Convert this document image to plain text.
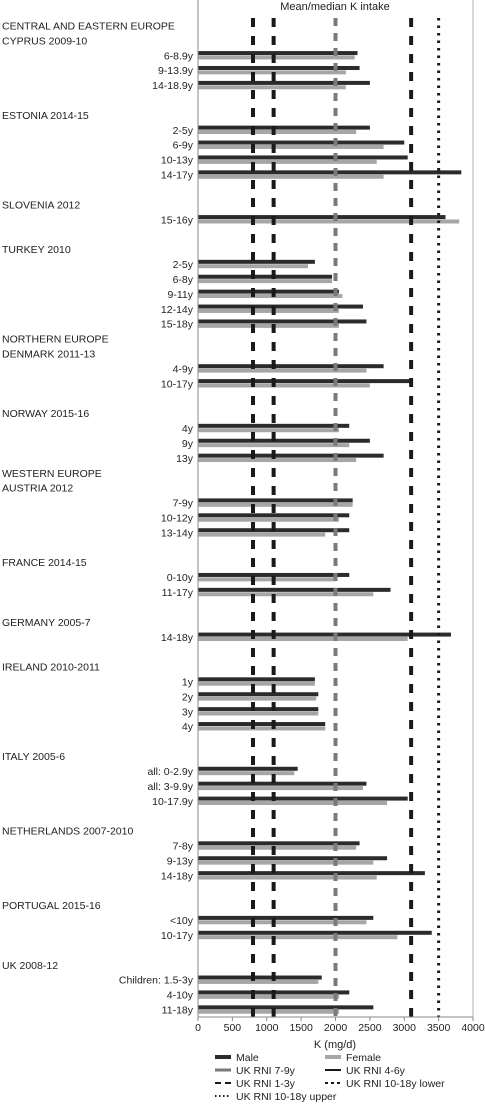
CENTRAL AND EASTERN EUROPE
CYPRUS 2009-10
6-8.9y
9-13.9y
14-18.9y
ESTONIA 2014-15
2-5y
6-9y
10-13y
14-17y
SLOVENIA 2012
15-16y
TURKEY 2010
2-5y
6-8y
9-11y
12-14y
15-18y
NORTHERN EUROPE
DENMARK 2011-13
4-9y
10-17y
NORWAY 2015-16
4y
9y
13y
WESTERN EUROPE
AUSTRIA 2012
7-9y
10-12y
13-14y
FRANCE 2014-15
0-10y
11-17y
GERMANY 2005-7
14-18y
IRELAND 2010-2011
1y
2y
3y
4y
ITALY 2005-6
all: 0-2.9y
all: 3-9.9y
10-17.9y
NETHERLANDS 2007-2010
7-8y
9-13y
14-18y
PORTUGAL 2015-16
<10y
10-17y
UK 2008-12
Children: 1.5-3y
4-10y
11-18y
0 500 1000 1500 2000 2500 3000 3500 4000
Male	Female
UK RNI 7-9y	UK RNI 4-6y
UK RNI 1-3y	UK RNI 10-18y lower
UK RNI 10-18y upper
Mean/median K intake
K (mg/d)
